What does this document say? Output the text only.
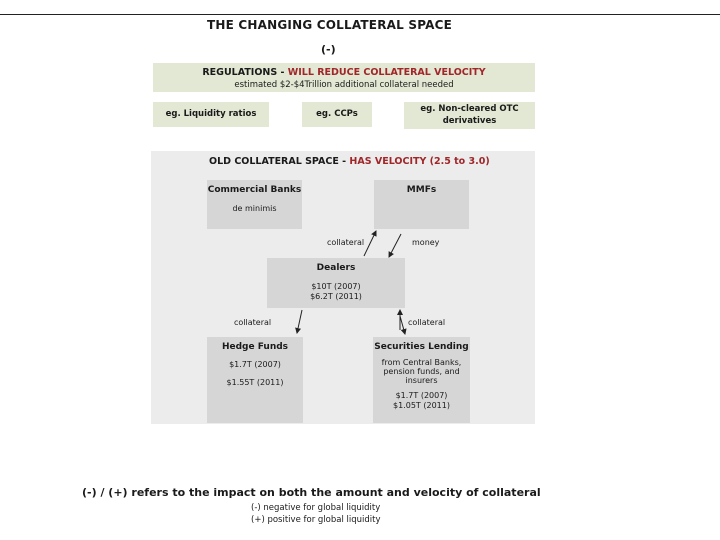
THE CHANGING COLLATERAL SPACE
(-)
REGULATIONS - WILL REDUCE COLLATERAL VELOCITY
estimated $2-$4Trillion additional collateral needed
eg. Liquidity ratios	eg. CCPs	eg. Non-cleared OTC
derivatives
OLD COLLATERAL SPACE - HAS VELOCITY (2.5 to 3.0)
Commercial Banks
de minimis
MMFs
Dealers
$10T (2007)
$6.2T (2011)
Hedge Funds
$1.7T (2007)
$1.55T (2011)
Securities Lending
from Central Banks,
pension funds, and
insurers
$1.7T (2007)
$1.05T (2011)
collateral	money
collateral	collateral
(-) / (+) refers to the impact on both the amount and velocity of collateral
(-) negative for global liquidity
(+) positive for global liquidity
